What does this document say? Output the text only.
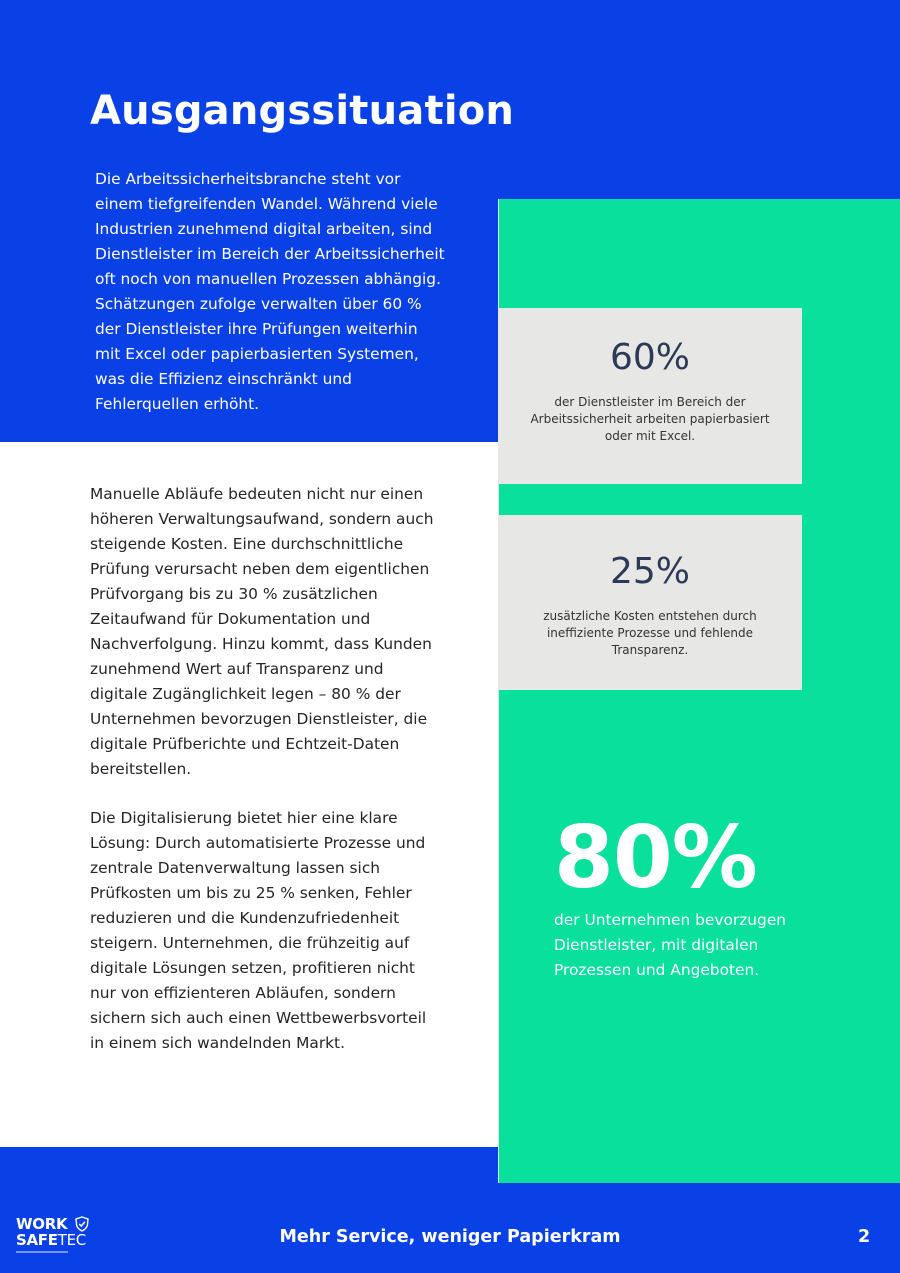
Ausgangssituation

Die Arbeitssicherheitsbranche steht vor einem tiefgreifenden Wandel. Während viele Industrien zunehmend digital arbeiten, sind Dienstleister im Bereich der Arbeitssicherheit oft noch von manuellen Prozessen abhängig. Schätzungen zufolge verwalten über 60 % der Dienstleister ihre Prüfungen weiterhin mit Excel oder papierbasierten Systemen, was die Effizienz einschränkt und Fehlerquellen erhöht.

Manuelle Abläufe bedeuten nicht nur einen höheren Verwaltungsaufwand, sondern auch steigende Kosten. Eine durchschnittliche Prüfung verursacht neben dem eigentlichen Prüfvorgang bis zu 30 % zusätzlichen Zeitaufwand für Dokumentation und Nachverfolgung. Hinzu kommt, dass Kunden zunehmend Wert auf Transparenz und digitale Zugänglichkeit legen – 80 % der Unternehmen bevorzugen Dienstleister, die digitale Prüfberichte und Echtzeit-Daten bereitstellen.

Die Digitalisierung bietet hier eine klare Lösung: Durch automatisierte Prozesse und zentrale Datenverwaltung lassen sich Prüfkosten um bis zu 25 % senken, Fehler reduzieren und die Kundenzufriedenheit steigern. Unternehmen, die frühzeitig auf digitale Lösungen setzen, profitieren nicht nur von effizienteren Abläufen, sondern sichern sich auch einen Wettbewerbsvorteil in einem sich wandelnden Markt.

60%
der Dienstleister im Bereich der Arbeitssicherheit arbeiten papierbasiert oder mit Excel.
25%
zusätzliche Kosten entstehen durch ineffiziente Prozesse und fehlende Transparenz.
80%

der Unternehmen bevorzugen Dienstleister, mit digitalen Prozessen und Angeboten.

WORK
SAFETEC	Mehr Service, weniger Papierkram	2
